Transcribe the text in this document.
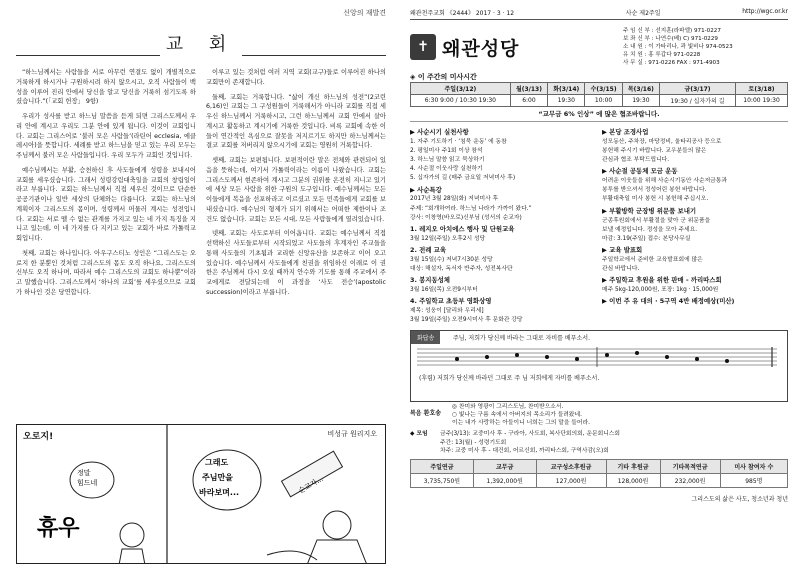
신앙의 재발견
교 회

“하느님께서는 사람들을 서로 아무런 연결도 없이 개별적으로 거룩하게 하시거나 구원하시려 하지 않으시고, 오직 사람들이 백성을 이루어 진리 안에서 당신을 알고 당신을 거룩히 섬기도록 하셨습니다.”(「교회 헌장」 9항)

우리가 성사를 받고 하느님 말씀을 듣게 되면 그리스도께서 우리 안에 계시고 우리도 그분 안에 있게 됩니다. 이것이 교회입니다. 교회는 그리스어로 ‘불러 모은 사람들’(라틴어 ecclesia, 에클레시아)을 뜻합니다. 세례를 받고 하느님을 믿고 있는 우리 모두는 주님께서 불러 모은 사람들입니다. 우리 모두가 교회인 것입니다.

예수님께서는 부활, 승천하신 후 사도들에게 성령을 보내시어 교회를 세우셨습니다. 그래서 성령강림대축일을 교회의 창립일이라고 부릅니다. 교회는 하느님께서 직접 세우신 것이므로 단순한 공공기관이나 일반 세상의 단체와는 다릅니다. 교회는 하느님의 계획이자 그리스도의 몸이며, 성령께서 머물러 계시는 성전입니다. 교회는 서로 뗄 수 없는 관계를 가지고 있는 네 가지 특징을 지니고 있는데, 이 네 가지를 다 지키고 있는 교회가 바로 가톨릭교회입니다.

첫째, 교회는 하나입니다. 아우구스티노 성인은 “그리스도는 오로지 한 분뿐인 것처럼 그리스도의 몸도 오직 하나요, 그리스도의 신부도 오직 하나며, 따라서 예수 그리스도의 교회도 하나뿐”이라고 말했습니다. 그리스도께서 ‘하나의 교회’를 세우셨으므로 교회가 하나인 것은 당연합니다.

이루고 있는 것처럼 여러 지역 교회(교구)들로 이루어진 하나의 교회만이 존재합니다.

둘째, 교회는 거룩합니다. “삶이 개신 하느님의 성전”(2코린 6,16)인 교회는 그 구성원들이 거룩해서가 아니라 교회를 직접 세우신 하느님께서 거룩하시고, 그런 하느님께서 교회 안에서 살아계시고 활동하고 계시기에 거룩한 것입니다. 비록 교회에 속한 이들이 연간적인 욕심으로 잘못을 저지르기도 하지만 하느님께서는 결코 교회를 저버리지 않으시기에 교회는 영원히 거룩합니다.

셋째, 교회는 보편됩니다. 보편적이란 말은 전체와 관련되어 있음을 뜻하는데, 여기서 가톨릭이라는 이름이 나왔습니다. 교회는 그리스도께서 현존하여 계시고 그분의 권위를 온전히 지니고 있기에 세상 모든 사람을 위한 구원의 도구입니다. 예수님께서는 모든 이들에게 복음을 선포하라고 이르셨고 모든 민족들에게 교회를 보내셨습니다. 예수님의 형제가 되기 위해서는 어떠한 제한이나 조건도 없습니다. 교회는 모든 시대, 모든 사람들에게 열려있습니다.

넷째, 교회는 사도로부터 이어옵니다. 교회는 예수님께서 직접 선택하신 사도들로부터 시작되었고 사도들의 후계자인 주교들을 통해 사도들의 기초됨과 교리한 신앙유산을 보존하고 이어 오고 있습니다. 예수님께서 사도들에게 친권을 위임하신 이래로 이 권한은 주님께서 다시 오실 때까지 안수와 기도를 통해 주교에서 주교에게로 전달되는데 이 과정을 ‘사도 전승’(apostolic succession)이라고 부릅니다.

오로지!	비성규 원리지오
정말
힘드네
휴우
그래도
주님만을
바라보며...	순교자...
왜관천주교회 《2444》 2017 · 3 · 12	사순 제2주일	http://wgc.or.kr
✝ 왜관성당
주 임 신 부 : 선지훈(라파엘) 971-0227
보 좌 신 부 : 나연수(베) C) 971-0229
소 내 원 : 이 가타리나, 곽 빛비나 974-0523
유 치 원 : 홍 루갑다 971-0228
사 무 실 : 971-0226 FAX : 971-4903
◈ 이 주간의 미사시간
주일(3/12)	월(3/13)	화(3/14)	수(3/15)	목(3/16)	금(3/17)	토(3/18)
6:30 9:00 / 10:30 19:30	6:00	19:30	10:00	19:30	19:30 / 십자가의 길	10:00 19:30
“교무금 6% 인상” 에 많은 협조바랍니다.
▶ 사순시기 실천사항
1. 자주 기도하기 · ‘침묵 운동’ 에 동참
2. 평일미사 주1회 이상 참석
3. 하느님 말씀 읽고 묵상하기
4. 사순절 이웃사랑 실천하기
5. 십자가의 길 (매주 금요일 저녁미사 후)
▶ 사순특강
2017년 3월 28일(화) 저녁미사 후
주제: “회개하여라. 하느님 나라가 가까이 왔다.”
강사: 이창영(바오로)신부님 (성서의 순교자)
1. 레지오 아치에스 행사 및 단원교육
3월 12일(주일) 오후2시 성당
2. 전례 교육
3월 15일(수) 저녁7시30분 성당
대상: 해설자, 독서자 반주자, 성전복사단
3. 봉지동성체
3월 16일(목) 오전9시부터
4. 주일학교 초등부 영화상영
제목: 성웅이 [달리와 우리세]
3월 19일(주일) 오전9시미사 후 문화관 강당
▶ 본당 조경사업
성모동산, 주차장, 마당정비, 울타리공사 등으로
봉헌해 주시기 바랍니다. 교우분들의 많은
관심과 협조 부탁드립니다.
▶ 사순절 공동체 모금 운동
어려운 이웃들을 위해 사순시기동안 사순저금통과
봉투를 받으셔서 정성어린 봉헌 바랍니다.
부활대축일 미사 봉헌 시 봉헌해 주십시오.
▶ 부활방학 군장병 위문품 보내기
군종후원회에서 부활절을 맞아 군 위문품을
보낼 예정입니다. 정성을 모아 주세요.
마감: 3.19(주일) 접수: 본당사무실
▶ 교육 발표회
주일학교에서 준비한 교육발표회에 많은
관심 바랍니다.
▶ 주일학교 후원을 위한 판매 - 까리따스회
매주 5kg-120,000원, 포장: 1kg · 15,000원
▶ 이번 주 유 대의 · 5구역 4반 배정예상(미산)
화답송	주님, 저희가 당신께 바라는 그대로 자비를 베푸소서.
(후렴) 저희가 당신께 바라던 그대로 주 님 저희에게 자비를 베푸소서.
복음 환호송
◎ 찬미와 영광이 그리스도님, 찬미받으소서.
○ 빛나는 구름 속에서 아버지의 목소리가 들려왔네.
이는 내가 사랑하는 아들이니 너희는 그의 말을 들어라.
◆ 모임	금주(3/13): 교중미사 후 - 구라아, 사도회, 복사단회의회, 운문회니스회
주간: 13(월) - 성령기도회
차주: 교중 미사 후 - 대건회, 어르신회, 까리타스회, 구역사감(오)회
주일연금	교무금	교구성소후원금	기타 후원금	기타목적연금	미사 참여자 수
3,735,750원	1,392,000원	127,000원	128,000원	232,000원	985명
그리스도의 삶은 사도, 청소년과 청년
